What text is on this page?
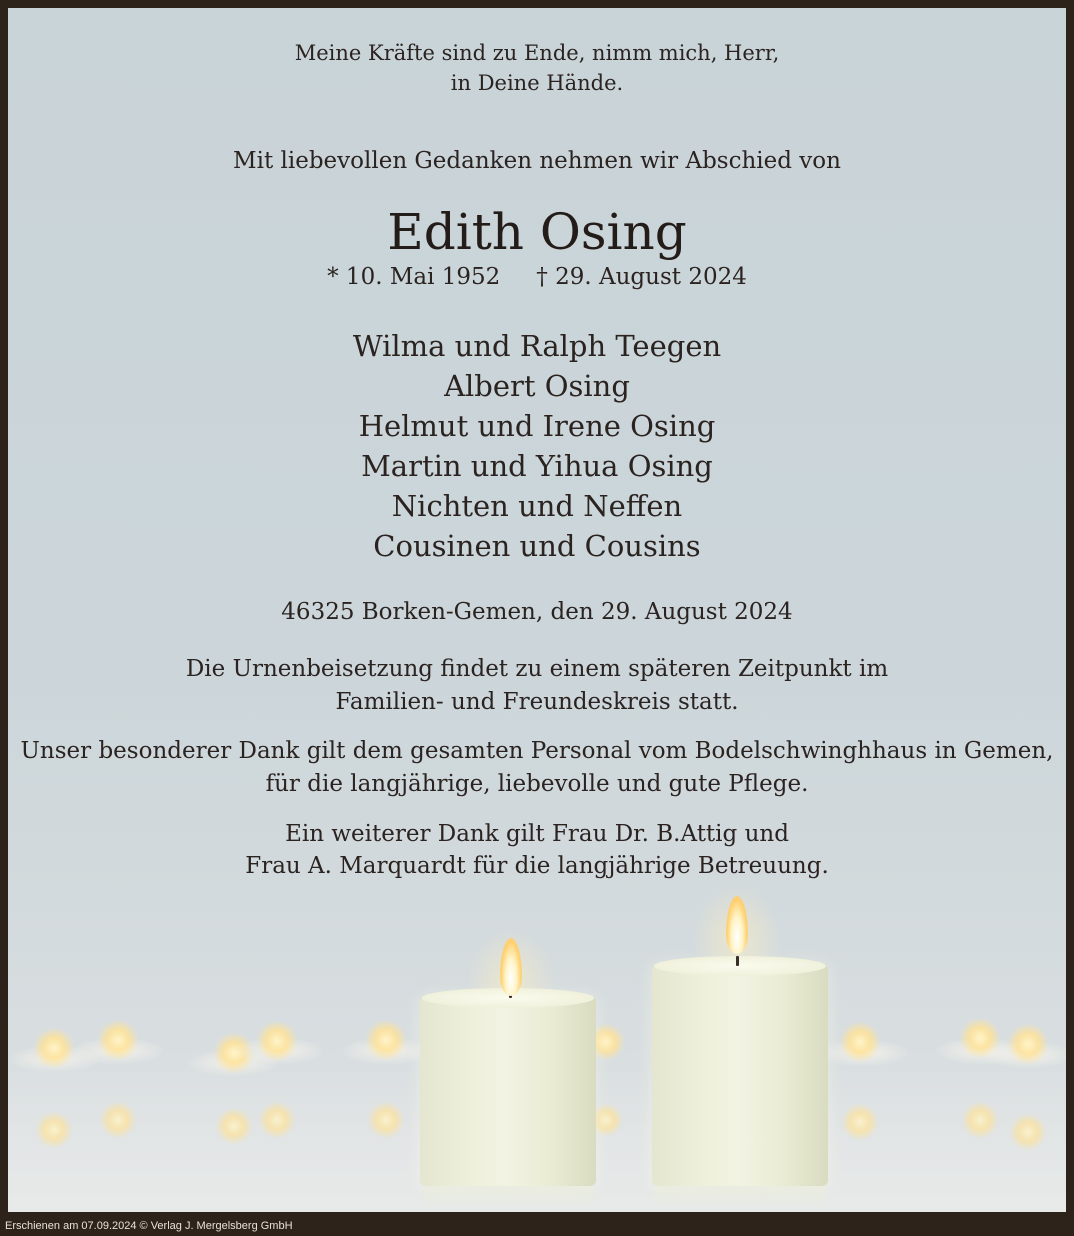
Meine Kräfte sind zu Ende, nimm mich, Herr,
in Deine Hände.
Mit liebevollen Gedanken nehmen wir Abschied von
Edith Osing
* 10. Mai 1952 † 29. August 2024
Wilma und Ralph Teegen
Albert Osing
Helmut und Irene Osing
Martin und Yihua Osing
Nichten und Neffen
Cousinen und Cousins
46325 Borken-Gemen, den 29. August 2024
Die Urnenbeisetzung findet zu einem späteren Zeitpunkt im
Familien- und Freundeskreis statt.
Unser besonderer Dank gilt dem gesamten Personal vom Bodelschwinghhaus in Gemen,
für die langjährige, liebevolle und gute Pflege.
Ein weiterer Dank gilt Frau Dr. B.Attig und
Frau A. Marquardt für die langjährige Betreuung.
Erschienen am 07.09.2024 © Verlag J. Mergelsberg GmbH
